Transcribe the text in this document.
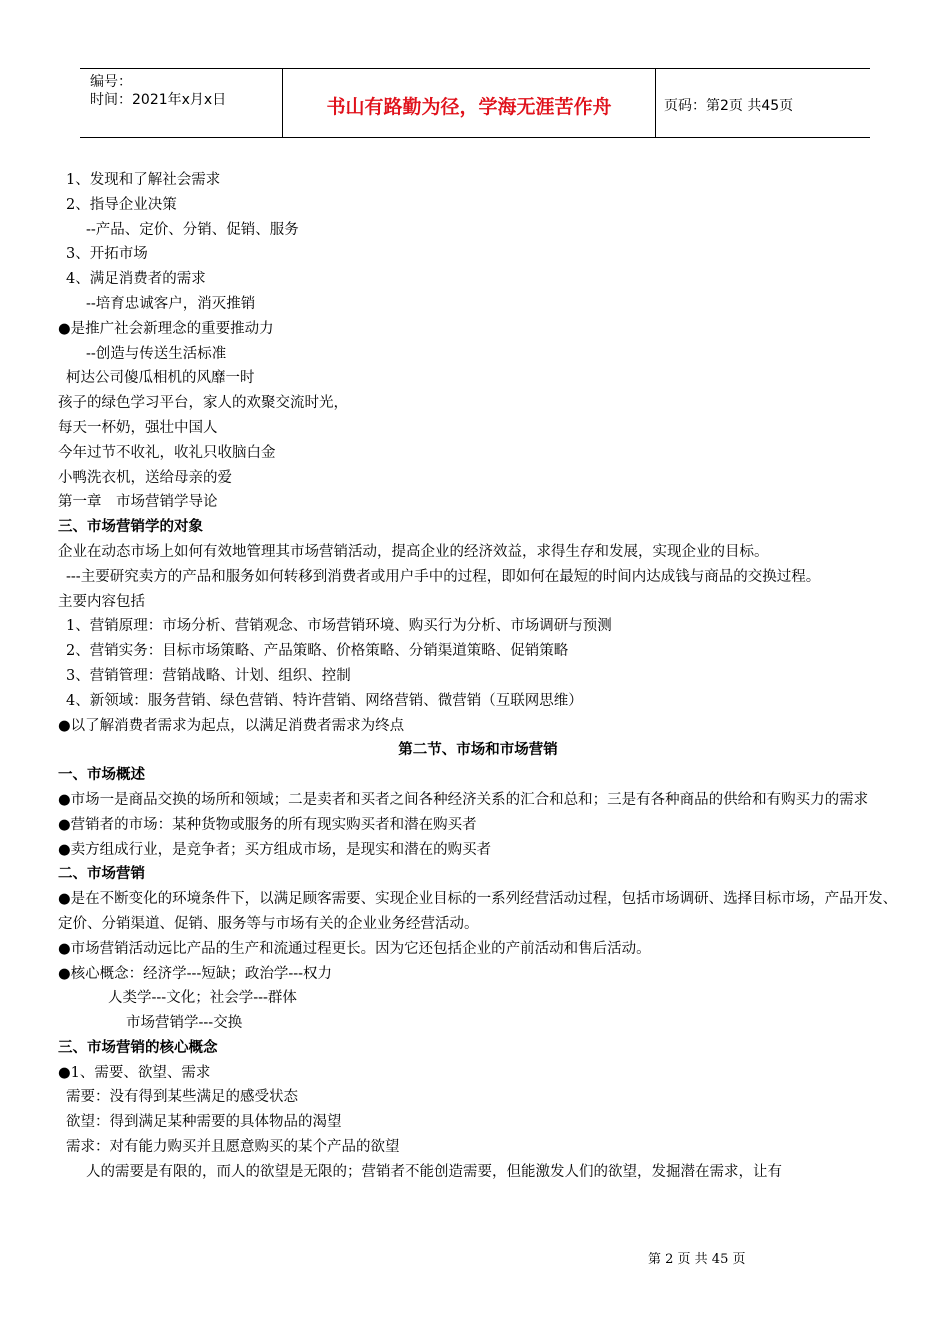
编号：
时间：2021年x月x日	书山有路勤为径，学海无涯苦作舟	页码：第2页 共45页
1、发现和了解社会需求
2、指导企业决策
--产品、定价、分销、促销、服务
3、开拓市场
4、满足消费者的需求
--培育忠诚客户，消灭推销
●是推广社会新理念的重要推动力
--创造与传送生活标准
柯达公司傻瓜相机的风靡一时
孩子的绿色学习平台，家人的欢聚交流时光，
每天一杯奶，强壮中国人
今年过节不收礼，收礼只收脑白金
小鸭洗衣机，送给母亲的爱
第一章　市场营销学导论
三、市场营销学的对象
企业在动态市场上如何有效地管理其市场营销活动，提高企业的经济效益，求得生存和发展，实现企业的目标。
---主要研究卖方的产品和服务如何转移到消费者或用户手中的过程，即如何在最短的时间内达成钱与商品的交换过程。
主要内容包括
1、营销原理：市场分析、营销观念、市场营销环境、购买行为分析、市场调研与预测
2、营销实务：目标市场策略、产品策略、价格策略、分销渠道策略、促销策略
3、营销管理：营销战略、计划、组织、控制
4、新领域：服务营销、绿色营销、特许营销、网络营销、微营销（互联网思维）
●以了解消费者需求为起点，以满足消费者需求为终点
第二节、市场和市场营销
一、市场概述
●市场一是商品交换的场所和领域；二是卖者和买者之间各种经济关系的汇合和总和；三是有各种商品的供给和有购买力的需求
●营销者的市场：某种货物或服务的所有现实购买者和潜在购买者
●卖方组成行业，是竞争者；买方组成市场，是现实和潜在的购买者
二、市场营销
●是在不断变化的环境条件下，以满足顾客需要、实现企业目标的一系列经营活动过程，包括市场调研、选择目标市场，产品开发、定价、分销渠道、促销、服务等与市场有关的企业业务经营活动。
●市场营销活动远比产品的生产和流通过程更长。因为它还包括企业的产前活动和售后活动。
●核心概念：经济学---短缺；政治学---权力
人类学---文化；社会学---群体
市场营销学---交换
三、市场营销的核心概念
●1、需要、欲望、需求
需要：没有得到某些满足的感受状态
欲望：得到满足某种需要的具体物品的渴望
需求：对有能力购买并且愿意购买的某个产品的欲望
人的需要是有限的，而人的欲望是无限的；营销者不能创造需要，但能激发人们的欲望，发掘潜在需求，让有
第 2 页 共 45 页
